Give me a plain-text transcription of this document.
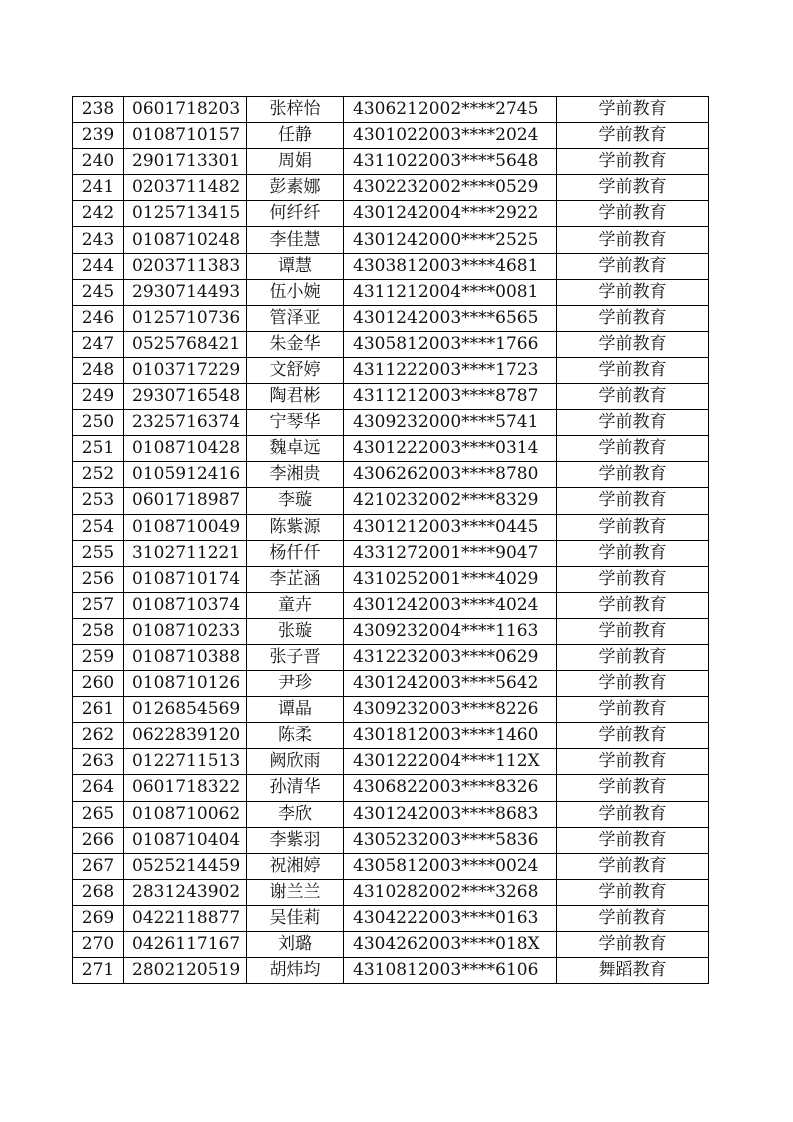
238	0601718203	张梓怡	4306212002****2745	学前教育
239	0108710157	任静	4301022003****2024	学前教育
240	2901713301	周娟	4311022003****5648	学前教育
241	0203711482	彭素娜	4302232002****0529	学前教育
242	0125713415	何纤纤	4301242004****2922	学前教育
243	0108710248	李佳慧	4301242000****2525	学前教育
244	0203711383	谭慧	4303812003****4681	学前教育
245	2930714493	伍小婉	4311212004****0081	学前教育
246	0125710736	管泽亚	4301242003****6565	学前教育
247	0525768421	朱金华	4305812003****1766	学前教育
248	0103717229	文舒婷	4311222003****1723	学前教育
249	2930716548	陶君彬	4311212003****8787	学前教育
250	2325716374	宁琴华	4309232000****5741	学前教育
251	0108710428	魏卓远	4301222003****0314	学前教育
252	0105912416	李湘贵	4306262003****8780	学前教育
253	0601718987	李璇	4210232002****8329	学前教育
254	0108710049	陈紫源	4301212003****0445	学前教育
255	3102711221	杨仟仟	4331272001****9047	学前教育
256	0108710174	李芷涵	4310252001****4029	学前教育
257	0108710374	童卉	4301242003****4024	学前教育
258	0108710233	张璇	4309232004****1163	学前教育
259	0108710388	张子晋	4312232003****0629	学前教育
260	0108710126	尹珍	4301242003****5642	学前教育
261	0126854569	谭晶	4309232003****8226	学前教育
262	0622839120	陈柔	4301812003****1460	学前教育
263	0122711513	阙欣雨	4301222004****112X	学前教育
264	0601718322	孙清华	4306822003****8326	学前教育
265	0108710062	李欣	4301242003****8683	学前教育
266	0108710404	李紫羽	4305232003****5836	学前教育
267	0525214459	祝湘婷	4305812003****0024	学前教育
268	2831243902	谢兰兰	4310282002****3268	学前教育
269	0422118877	吴佳莉	4304222003****0163	学前教育
270	0426117167	刘璐	4304262003****018X	学前教育
271	2802120519	胡炜均	4310812003****6106	舞蹈教育
